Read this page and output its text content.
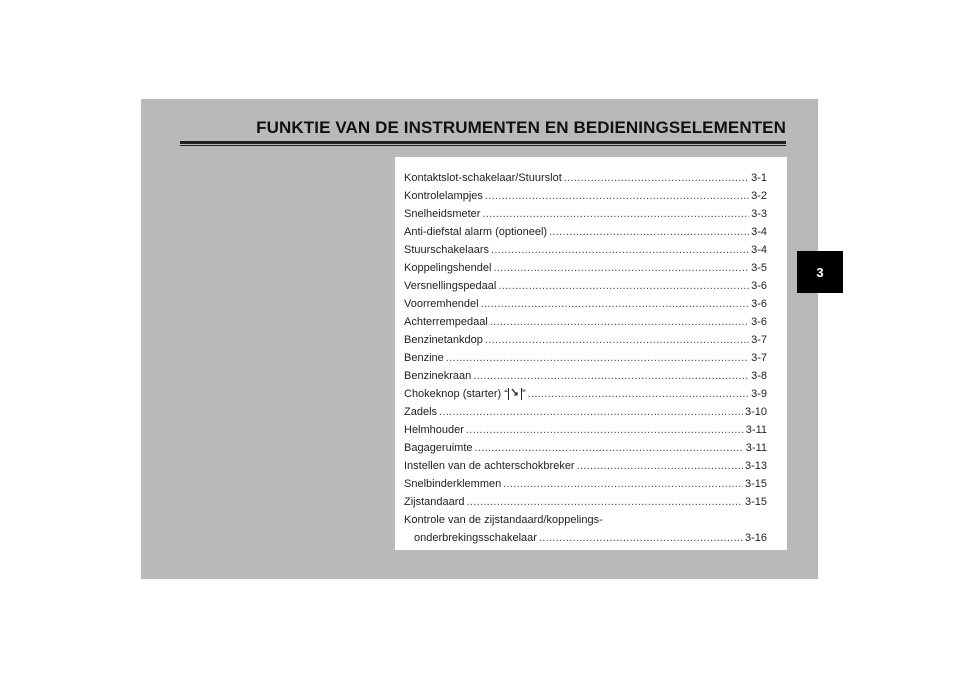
FUNKTIE VAN DE INSTRUMENTEN EN BEDIENINGSELEMENTEN
Kontaktslot-schakelaar/Stuurslot .....	3-1
Kontrolelampjes .....	3-2
Snelheidsmeter .....	3-3
Anti-diefstal alarm (optioneel) .....	3-4
Stuurschakelaars .....	3-4
Koppelingshendel .....	3-5
Versnellingspedaal .....	3-6
Voorremhendel .....	3-6
Achterrempedaal .....	3-6
Benzinetankdop .....	3-7
Benzine .....	3-7
Benzinekraan .....	3-8
Chokeknop (starter) “ ” .....	3-9
Zadels .....	3-10
Helmhouder .....	3-11
Bagageruimte .....	3-11
Instellen van de achterschokbreker .....	3-13
Snelbinderklemmen .....	3-15
Zijstandaard .....	3-15
Kontrole van de zijstandaard/koppelings-
onderbrekingsschakelaar .....	3-16
3
